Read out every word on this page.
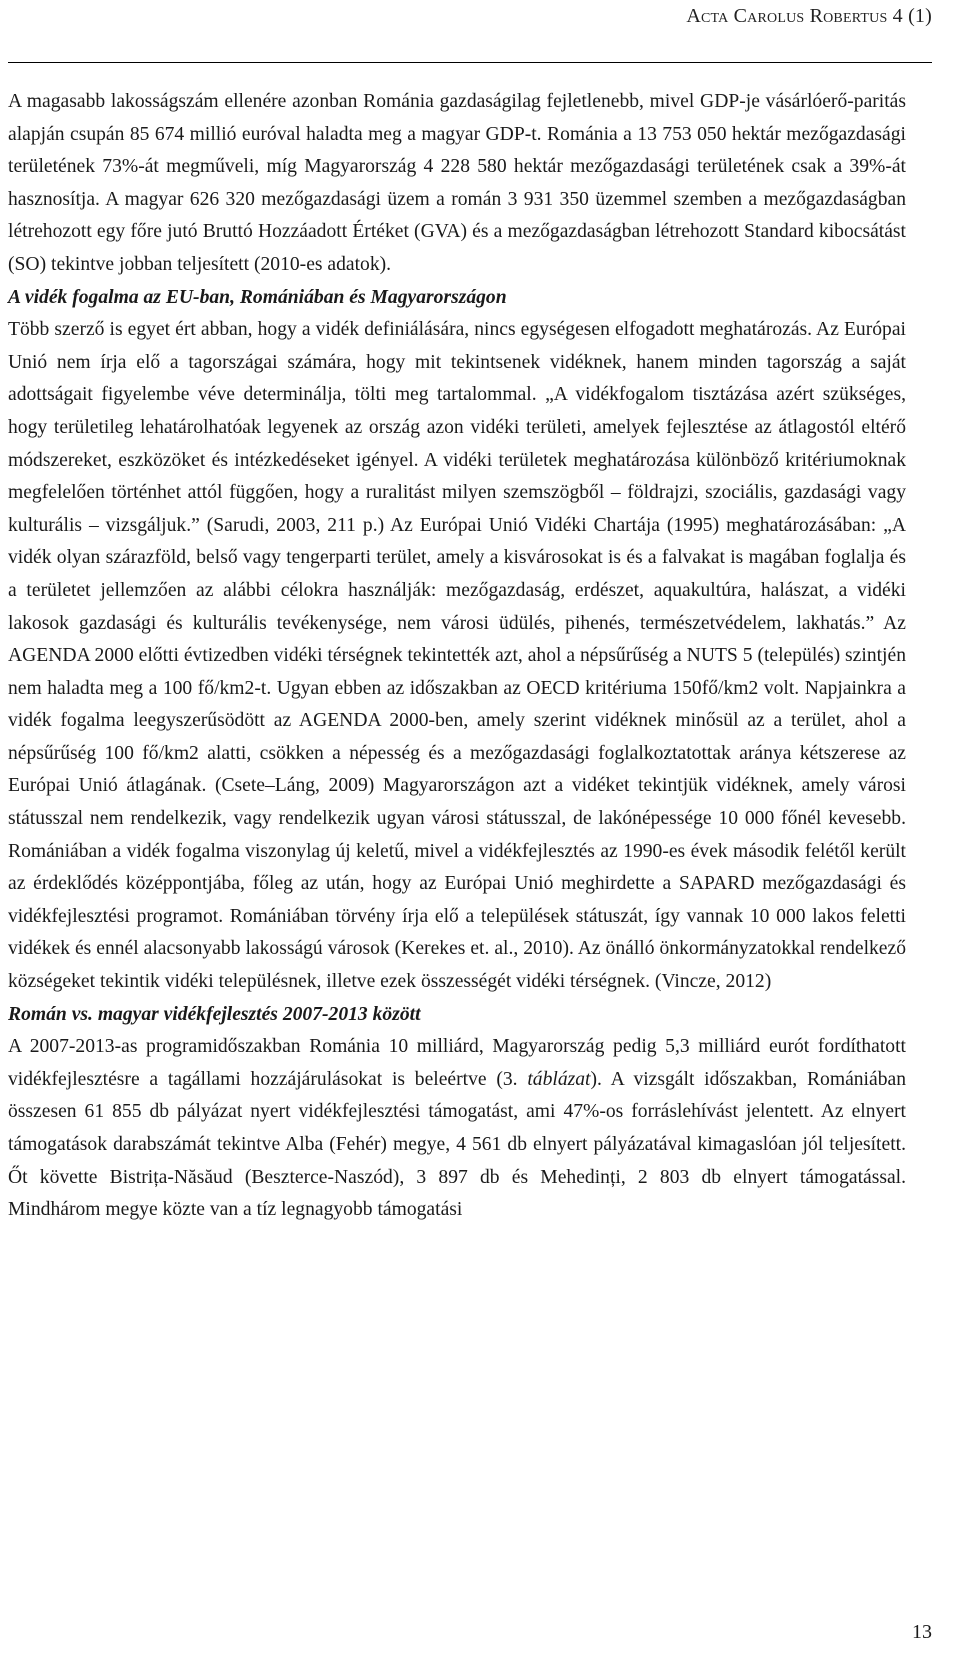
Acta Carolus Robertus 4 (1)

A magasabb lakosságszám ellenére azonban Románia gazdaságilag fejletlenebb, mivel GDP-je vásárlóerő-paritás alapján csupán 85 674 millió euróval haladta meg a magyar GDP-t. Románia a 13 753 050 hektár mezőgazdasági területének 73%-át megműveli, míg Magyarország 4 228 580 hektár mezőgazdasági területének csak a 39%-át hasznosítja. A magyar 626 320 mezőgazdasági üzem a román 3 931 350 üzemmel szemben a mezőgazdaságban létrehozott egy főre jutó Bruttó Hozzáadott Értéket (GVA) és a mezőgazdaságban létrehozott Standard kibocsátást (SO) tekintve jobban teljesített (2010-es adatok).

A vidék fogalma az EU-ban, Romániában és Magyarországon

Több szerző is egyet ért abban, hogy a vidék definiálására, nincs egységesen elfogadott meghatározás. Az Európai Unió nem írja elő a tagországai számára, hogy mit tekintsenek vidéknek, hanem minden tagország a saját adottságait figyelembe véve determinálja, tölti meg tartalommal. „A vidékfogalom tisztázása azért szükséges, hogy területileg lehatárolhatóak legyenek az ország azon vidéki területi, amelyek fejlesztése az átlagostól eltérő módszereket, eszközöket és intézkedéseket igényel. A vidéki területek meghatározása különböző kritériumoknak megfelelően történhet attól függően, hogy a ruralitást milyen szemszögből – földrajzi, szociális, gazdasági vagy kulturális – vizsgáljuk.” (Sarudi, 2003, 211 p.) Az Európai Unió Vidéki Chartája (1995) meghatározásában: „A vidék olyan szárazföld, belső vagy tengerparti terület, amely a kisvárosokat is és a falvakat is magában foglalja és a területet jellemzően az alábbi célokra használják: mezőgazdaság, erdészet, aquakultúra, halászat, a vidéki lakosok gazdasági és kulturális tevékenysége, nem városi üdülés, pihenés, természetvédelem, lakhatás.” Az AGENDA 2000 előtti évtizedben vidéki térségnek tekintették azt, ahol a népsűrűség a NUTS 5 (település) szintjén nem haladta meg a 100 fő/km2-t. Ugyan ebben az időszakban az OECD kritériuma 150fő/km2 volt. Napjainkra a vidék fogalma leegyszerűsödött az AGENDA 2000-ben, amely szerint vidéknek minősül az a terület, ahol a népsűrűség 100 fő/km2 alatti, csökken a népesség és a mezőgazdasági foglalkoztatottak aránya kétszerese az Európai Unió átlagának. (Csete–Láng, 2009) Magyarországon azt a vidéket tekintjük vidéknek, amely városi státusszal nem rendelkezik, vagy rendelkezik ugyan városi státusszal, de lakónépessége 10 000 főnél kevesebb. Romániában a vidék fogalma viszonylag új keletű, mivel a vidékfejlesztés az 1990-es évek második felétől került az érdeklődés középpontjába, főleg az után, hogy az Európai Unió meghirdette a SAPARD mezőgazdasági és vidékfejlesztési programot. Romániában törvény írja elő a települések státuszát, így vannak 10 000 lakos feletti vidékek és ennél alacsonyabb lakosságú városok (Kerekes et. al., 2010). Az önálló önkormányzatokkal rendelkező községeket tekintik vidéki településnek, illetve ezek összességét vidéki térségnek. (Vincze, 2012)

Román vs. magyar vidékfejlesztés 2007-2013 között

A 2007-2013-as programidőszakban Románia 10 milliárd, Magyarország pedig 5,3 milliárd eurót fordíthatott vidékfejlesztésre a tagállami hozzájárulásokat is beleértve (3. táblázat). A vizsgált időszakban, Romániában összesen 61 855 db pályázat nyert vidékfejlesztési támogatást, ami 47%-os forráslehívást jelentett. Az elnyert támogatások darabszámát tekintve Alba (Fehér) megye, 4 561 db elnyert pályázatával kimagaslóan jól teljesített. Őt követte Bistrița-Năsăud (Beszterce-Naszód), 3 897 db és Mehedinți, 2 803 db elnyert támogatással. Mindhárom megye közte van a tíz legnagyobb támogatási

13
